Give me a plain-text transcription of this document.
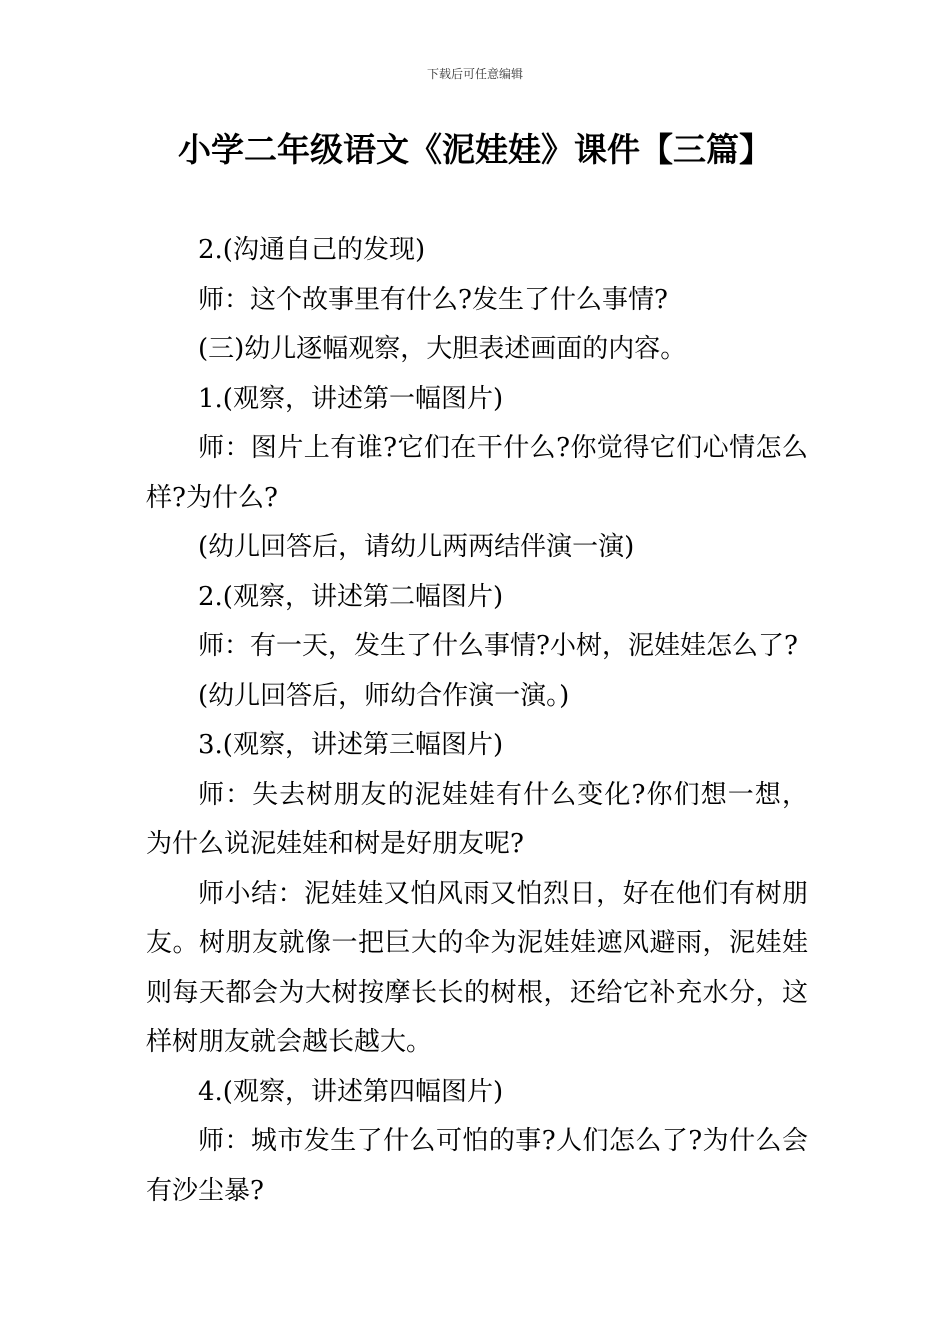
下载后可任意编辑
小学二年级语文《泥娃娃》课件【三篇】

2.(沟通自己的发现)

师：这个故事里有什么?发生了什么事情?

(三)幼儿逐幅观察，大胆表述画面的内容。

1.(观察，讲述第一幅图片)

师：图片上有谁?它们在干什么?你觉得它们心情怎么样?为什么?

(幼儿回答后，请幼儿两两结伴演一演)

2.(观察，讲述第二幅图片)

师：有一天，发生了什么事情?小树，泥娃娃怎么了?

(幼儿回答后，师幼合作演一演。)

3.(观察，讲述第三幅图片)

师：失去树朋友的泥娃娃有什么变化?你们想一想，为什么说泥娃娃和树是好朋友呢?

师小结：泥娃娃又怕风雨又怕烈日，好在他们有树朋友。树朋友就像一把巨大的伞为泥娃娃遮风避雨，泥娃娃则每天都会为大树按摩长长的树根，还给它补充水分，这样树朋友就会越长越大。

4.(观察，讲述第四幅图片)

师：城市发生了什么可怕的事?人们怎么了?为什么会有沙尘暴?
